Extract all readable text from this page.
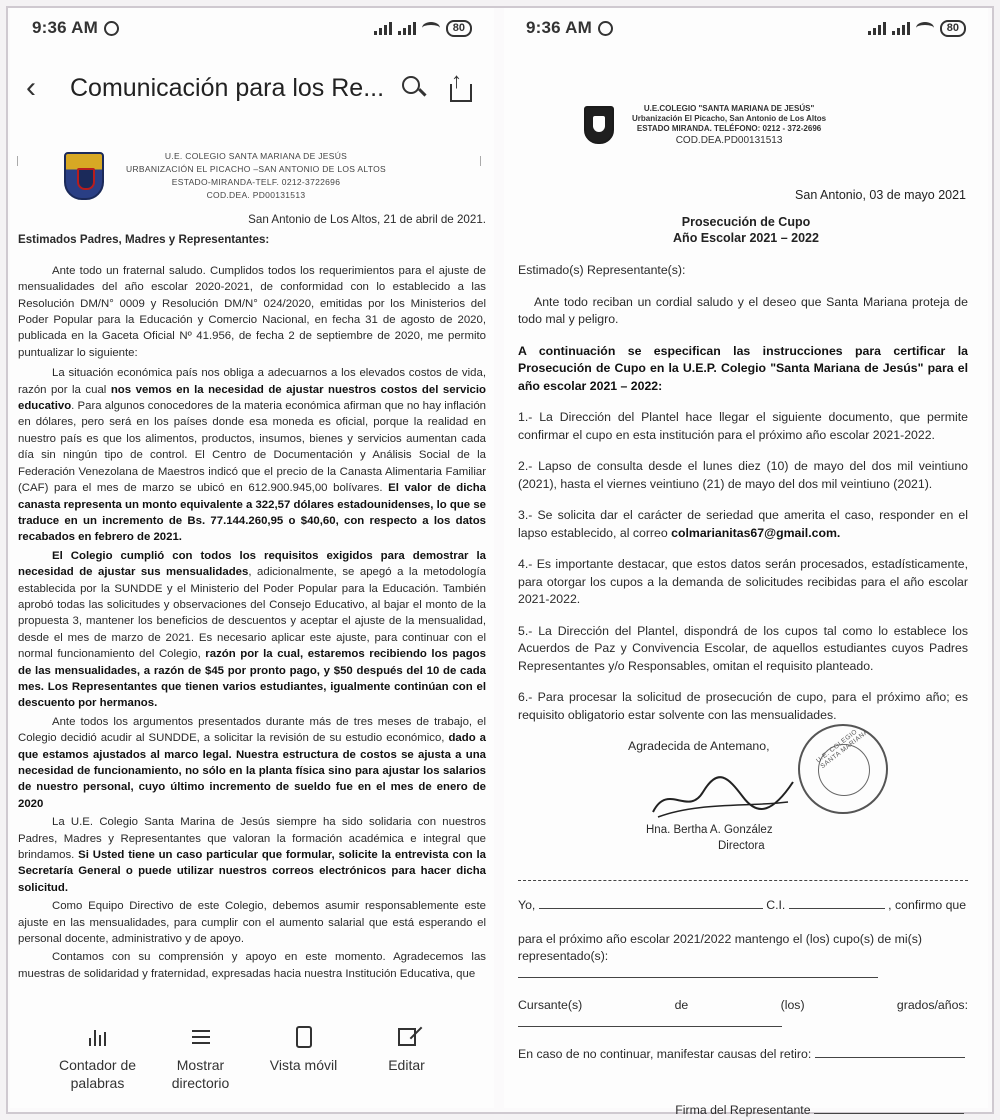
9:36 AM	80
‹	Comunicación para los Re...
↑
U.E. COLEGIO SANTA MARIANA DE JESÚS
URBANIZACIÓN EL PICACHO –SAN ANTONIO DE LOS ALTOS
ESTADO-MIRANDA-TELF. 0212-3722696
COD.DEA. PD00131513
San Antonio de Los Altos, 21 de abril de 2021.
Estimados Padres, Madres y Representantes:

Ante todo un fraternal saludo. Cumplidos todos los requerimientos para el ajuste de mensualidades del año escolar 2020-2021, de conformidad con lo establecido a las Resolución DM/N° 0009 y Resolución DM/N° 024/2020, emitidas por los Ministerios del Poder Popular para la Educación y Comercio Nacional, en fecha 31 de agosto de 2020, publicada en la Gaceta Oficial Nº 41.956, de fecha 2 de septiembre de 2020, me permito puntualizar lo siguiente:

La situación económica país nos obliga a adecuarnos a los elevados costos de vida, razón por la cual nos vemos en la necesidad de ajustar nuestros costos del servicio educativo. Para algunos conocedores de la materia económica afirman que no hay inflación en dólares, pero será en los países donde esa moneda es oficial, porque la realidad en nuestro país es que los alimentos, productos, insumos, bienes y servicios aumentan cada día sin ningún tipo de control. El Centro de Documentación y Análisis Social de la Federación Venezolana de Maestros indicó que el precio de la Canasta Alimentaria Familiar (CAF) para el mes de marzo se ubicó en 612.900.945,00 bolívares. El valor de dicha canasta representa un monto equivalente a 322,57 dólares estadounidenses, lo que se traduce en un incremento de Bs. 77.144.260,95 o $40,60, con respecto a los datos recabados en febrero de 2021.

El Colegio cumplió con todos los requisitos exigidos para demostrar la necesidad de ajustar sus mensualidades, adicionalmente, se apegó a la metodología establecida por la SUNDDE y el Ministerio del Poder Popular para la Educación. También aprobó todas las solicitudes y observaciones del Consejo Educativo, al bajar el monto de la propuesta 3, mantener los beneficios de descuentos y aceptar el ajuste de la mensualidad, desde el mes de marzo de 2021. Es necesario aplicar este ajuste, para continuar con el normal funcionamiento del Colegio, razón por la cual, estaremos recibiendo los pagos de las mensualidades, a razón de $45 por pronto pago, y $50 después del 10 de cada mes. Los Representantes que tienen varios estudiantes, igualmente continúan con el descuento por hermanos.

Ante todos los argumentos presentados durante más de tres meses de trabajo, el Colegio decidió acudir al SUNDDE, a solicitar la revisión de su estudio económico, dado a que estamos ajustados al marco legal. Nuestra estructura de costos se ajusta a una necesidad de funcionamiento, no sólo en la planta física sino para ajustar los salarios de nuestro personal, cuyo último incremento de sueldo fue en el mes de enero de 2020

La U.E. Colegio Santa Marina de Jesús siempre ha sido solidaria con nuestros Padres, Madres y Representantes que valoran la formación académica e integral que brindamos. Si Usted tiene un caso particular que formular, solicite la entrevista con la Secretaría General o puede utilizar nuestros correos electrónicos para hacer dicha solicitud.

Como Equipo Directivo de este Colegio, debemos asumir responsablemente este ajuste en las mensualidades, para cumplir con el aumento salarial que está esperando el personal docente, administrativo y de apoyo.

Contamos con su comprensión y apoyo en este momento. Agradecemos las muestras de solidaridad y fraternidad, expresadas hacia nuestra Institución Educativa, que

Contador de palabras
Mostrar directorio
Vista móvil	Editar
9:36 AM	80
U.E.COLEGIO "SANTA MARIANA DE JESÚS"
Urbanización El Picacho, San Antonio de Los Altos
ESTADO MIRANDA. TELÉFONO: 0212 - 372-2696
COD.DEA.PD00131513
San Antonio, 03 de mayo 2021
Prosecución de Cupo
Año Escolar 2021 – 2022

Estimado(s) Representante(s):

Ante todo reciban un cordial saludo y el deseo que Santa Mariana proteja de todo mal y peligro.

A continuación se especifican las instrucciones para certificar la Prosecución de Cupo en la U.E.P. Colegio "Santa Mariana de Jesús" para el año escolar 2021 – 2022:

1.- La Dirección del Plantel hace llegar el siguiente documento, que permite confirmar el cupo en esta institución para el próximo año escolar 2021-2022.

2.- Lapso de consulta desde el lunes diez (10) de mayo del dos mil veintiuno (2021), hasta el viernes veintiuno (21) de mayo del dos mil veintiuno (2021).

3.- Se solicita dar el carácter de seriedad que amerita el caso, responder en el lapso establecido, al correo colmarianitas67@gmail.com.

4.- Es importante destacar, que estos datos serán procesados, estadísticamente, para otorgar los cupos a la demanda de solicitudes recibidas para el año escolar 2021-2022.

5.- La Dirección del Plantel, dispondrá de los cupos tal como lo establece los Acuerdos de Paz y Convivencia Escolar, de aquellos estudiantes cuyos Padres Representantes y/o Responsables, omitan el requisito planteado.

6.- Para procesar la solicitud de prosecución de cupo, para el próximo año; es requisito obligatorio estar solvente con las mensualidades.

U.E. COLEGIO SANTA MARIANA
Agradecida de Antemano,
Hna. Bertha A. González
Directora
Yo,	C.I.	, confirmo que
para el próximo año escolar 2021/2022 mantengo el (los) cupo(s) de mi(s)
representado(s):
Cursante(s) de (los) grados/años:
En caso de no continuar, manifestar causas del retiro:
Firma del Representante
